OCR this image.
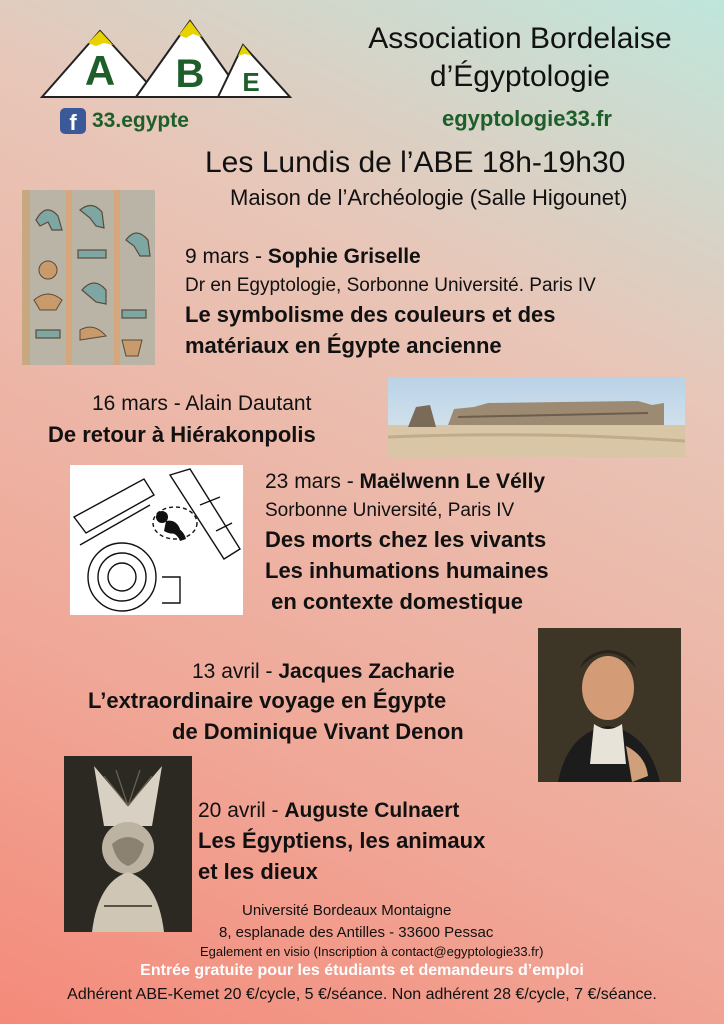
A B E
f 33.egypte
Association Bordelaise
d’Égyptologie
egyptologie33.fr
Les Lundis de l’ABE 18h-19h30
Maison de l’Archéologie (Salle Higounet)
9 mars - Sophie Griselle
Dr en Egyptologie, Sorbonne Université. Paris IV
Le symbolisme des couleurs et des
matériaux en Égypte ancienne
16 mars - Alain Dautant
De retour à Hiérakonpolis
23 mars - Maëlwenn Le Vélly
Sorbonne Université, Paris IV
Des morts chez les vivants
Les inhumations humaines
en contexte domestique
13 avril - Jacques Zacharie
L’extraordinaire voyage en Égypte
de Dominique Vivant Denon
20 avril - Auguste Culnaert
Les Égyptiens, les animaux
et les dieux
Université Bordeaux Montaigne
8, esplanade des Antilles - 33600 Pessac
Egalement en visio (Inscription à contact@egyptologie33.fr)
Entrée gratuite pour les étudiants et demandeurs d’emploi
Adhérent ABE-Kemet 20 €/cycle, 5 €/séance. Non adhérent 28 €/cycle, 7 €/séance.
